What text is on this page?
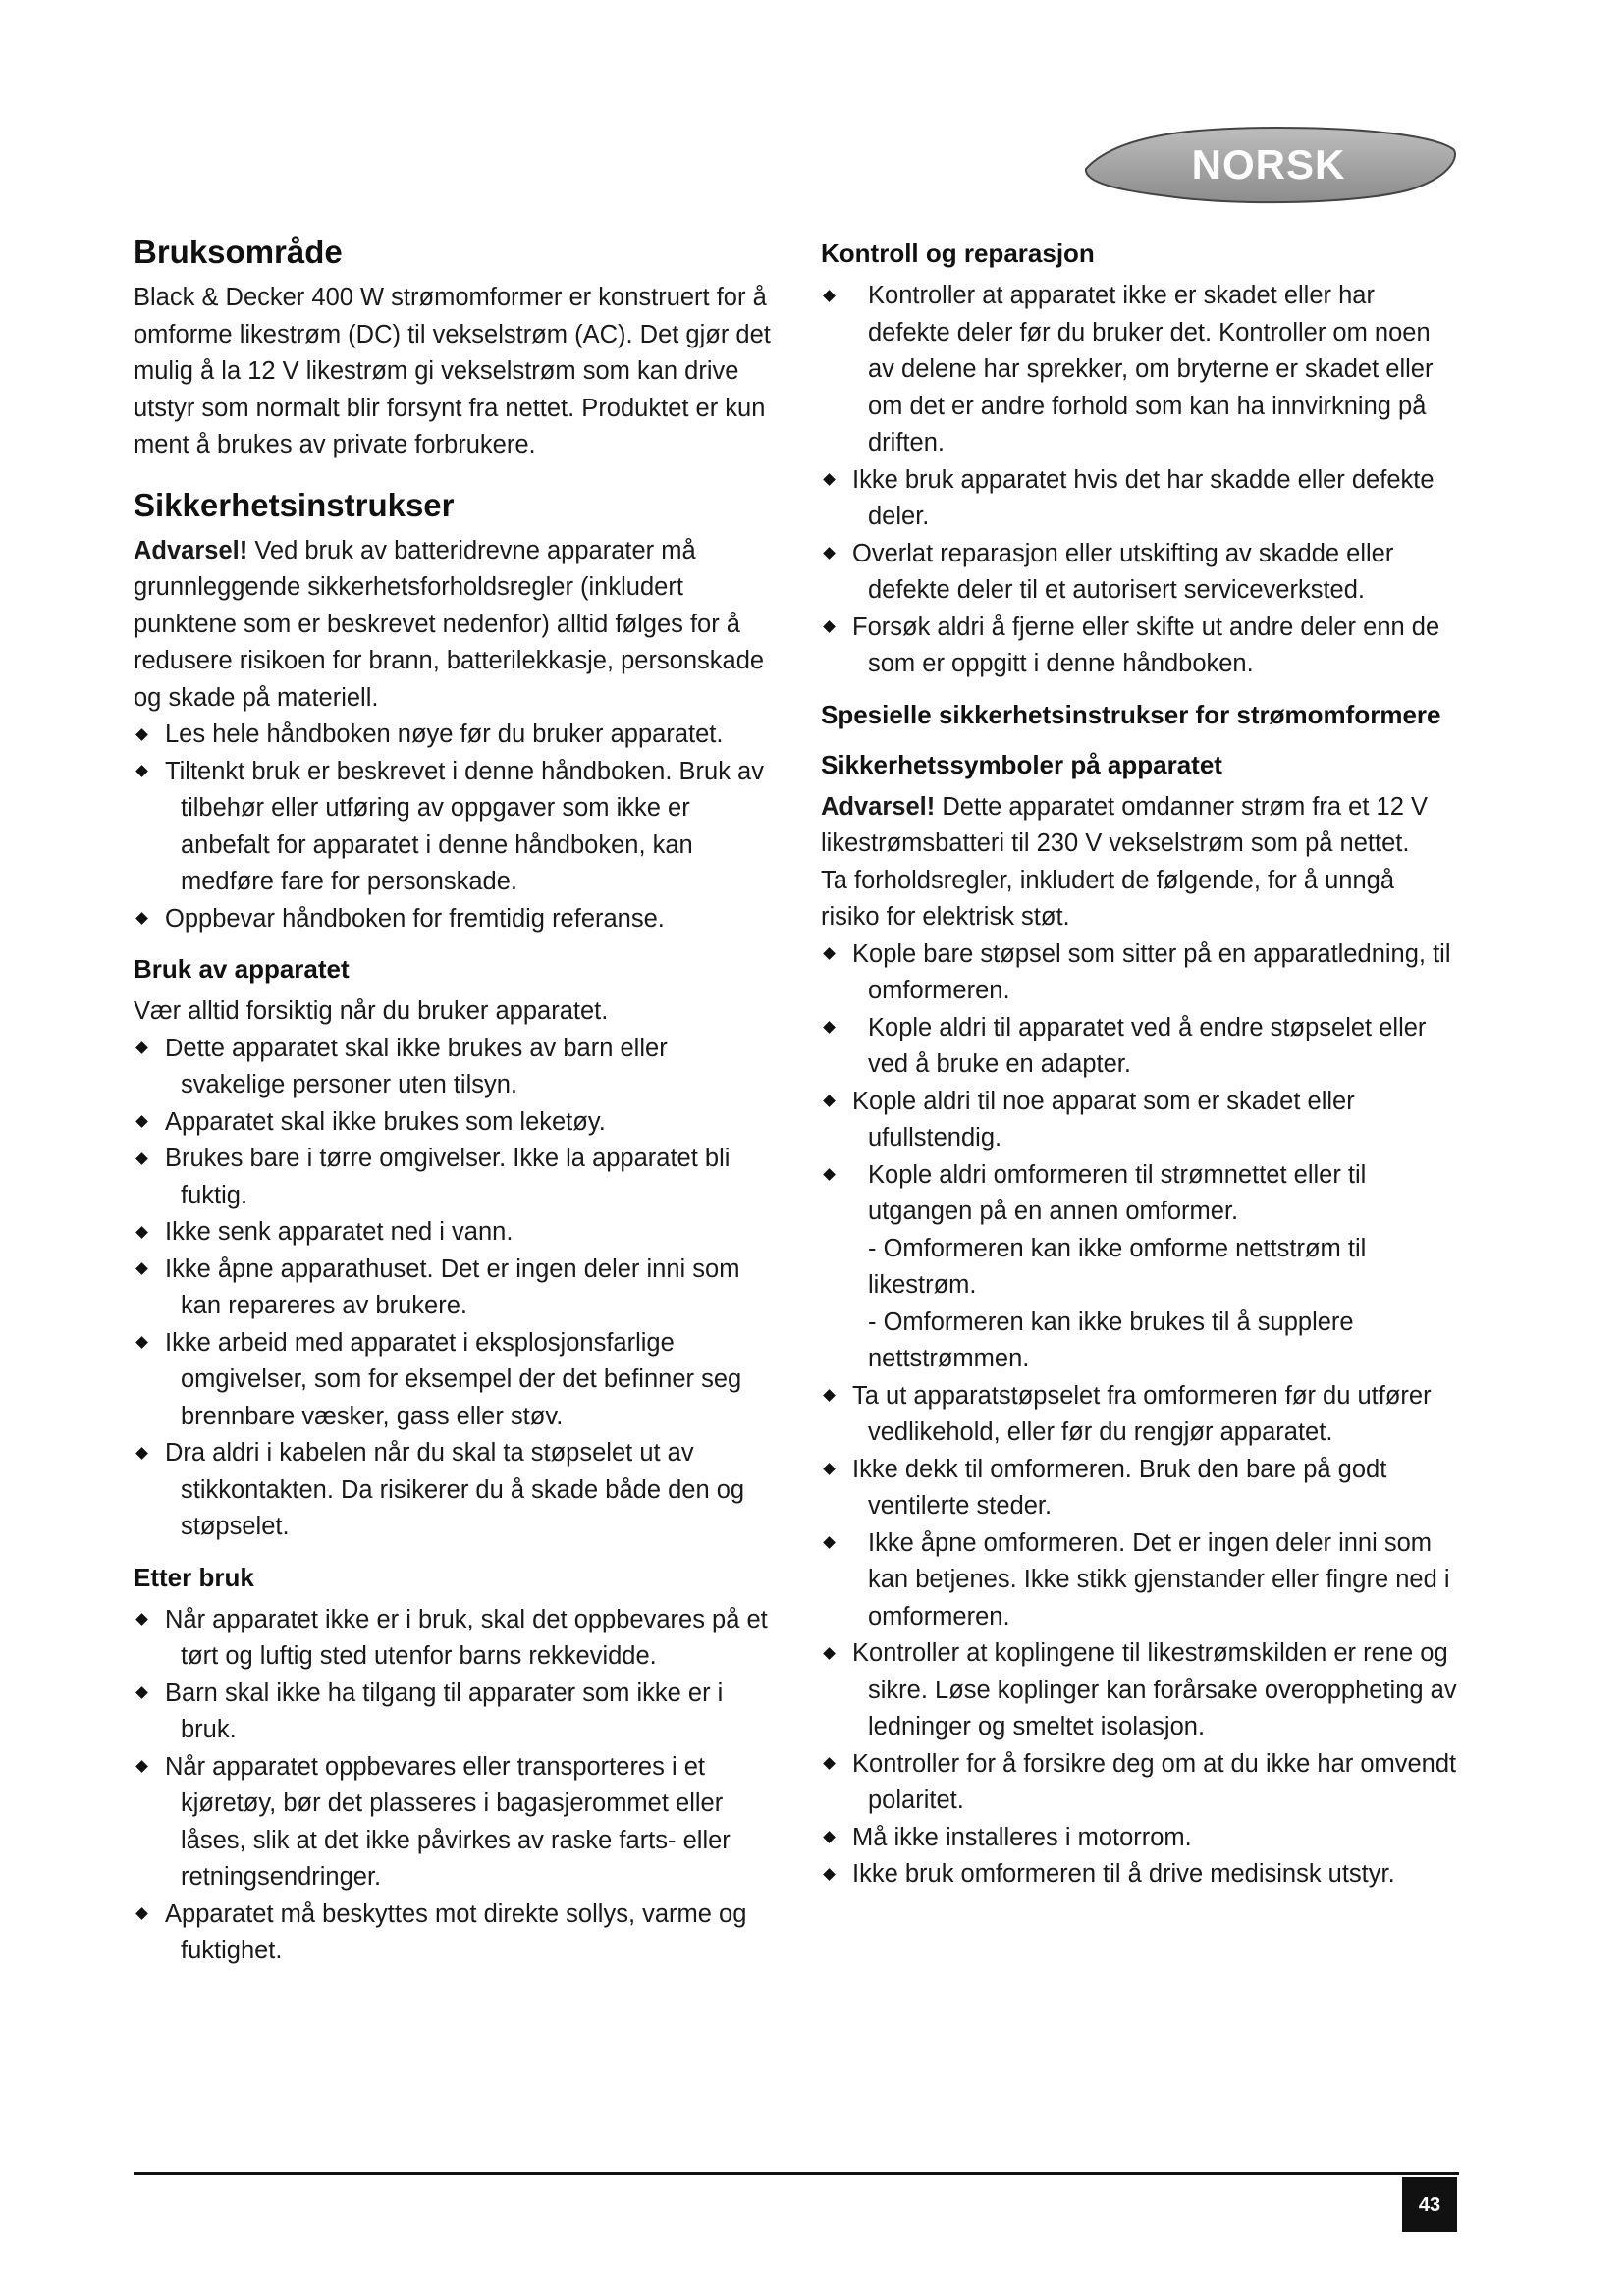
NORSK
Bruksområde

Black & Decker 400 W strømomformer er konstruert for å omforme likestrøm (DC) til vekselstrøm (AC). Det gjør det mulig å la 12 V likestrøm gi vekselstrøm som kan drive utstyr som normalt blir forsynt fra nettet. Produktet er kun ment å brukes av private forbrukere.

Sikkerhetsinstrukser

Advarsel! Ved bruk av batteridrevne apparater må grunnleggende sikkerhetsforholdsregler (inkludert punktene som er beskrevet nedenfor) alltid følges for å redusere risikoen for brann, batterilekkasje, personskade og skade på materiell.

Les hele håndboken nøye før du bruker apparatet.
Tiltenkt bruk er beskrevet i denne håndboken. Bruk av tilbehør eller utføring av oppgaver som ikke er anbefalt for apparatet i denne håndboken, kan medføre fare for personskade.
Oppbevar håndboken for fremtidig referanse.
Bruk av apparatet

Vær alltid forsiktig når du bruker apparatet.

Dette apparatet skal ikke brukes av barn eller svakelige personer uten tilsyn.
Apparatet skal ikke brukes som leketøy.
Brukes bare i tørre omgivelser. Ikke la apparatet bli fuktig.
Ikke senk apparatet ned i vann.
Ikke åpne apparathuset. Det er ingen deler inni som kan repareres av brukere.
Ikke arbeid med apparatet i eksplosjonsfarlige omgivelser, som for eksempel der det befinner seg brennbare væsker, gass eller støv.
Dra aldri i kabelen når du skal ta støpselet ut av stikkontakten. Da risikerer du å skade både den og støpselet.
Etter bruk
Når apparatet ikke er i bruk, skal det oppbevares på et tørt og luftig sted utenfor barns rekkevidde.
Barn skal ikke ha tilgang til apparater som ikke er i bruk.
Når apparatet oppbevares eller transporteres i et kjøretøy, bør det plasseres i bagasjerommet eller låses, slik at det ikke påvirkes av raske farts- eller retningsendringer.
Apparatet må beskyttes mot direkte sollys, varme og fuktighet.
Kontroll og reparasjon
Kontroller at apparatet ikke er skadet eller har defekte deler før du bruker det. Kontroller om noen av delene har sprekker, om bryterne er skadet eller om det er andre forhold som kan ha innvirkning på driften.
Ikke bruk apparatet hvis det har skadde eller defekte deler.
Overlat reparasjon eller utskifting av skadde eller defekte deler til et autorisert serviceverksted.
Forsøk aldri å fjerne eller skifte ut andre deler enn de som er oppgitt i denne håndboken.
Spesielle sikkerhetsinstrukser for strømomformere
Sikkerhetssymboler på apparatet

Advarsel! Dette apparatet omdanner strøm fra et 12 V likestrømsbatteri til 230 V vekselstrøm som på nettet.

Ta forholdsregler, inkludert de følgende, for å unngå risiko for elektrisk støt.

Kople bare støpsel som sitter på en apparatledning, til omformeren.
Kople aldri til apparatet ved å endre støpselet eller ved å bruke en adapter.
Kople aldri til noe apparat som er skadet eller ufullstendig.
Kople aldri omformeren til strømnettet eller til utgangen på en annen omformer.
- Omformeren kan ikke omforme nettstrøm til likestrøm.
- Omformeren kan ikke brukes til å supplere nettstrømmen.
Ta ut apparatstøpselet fra omformeren før du utfører vedlikehold, eller før du rengjør apparatet.
Ikke dekk til omformeren. Bruk den bare på godt ventilerte steder.
Ikke åpne omformeren. Det er ingen deler inni som kan betjenes. Ikke stikk gjenstander eller fingre ned i omformeren.
Kontroller at koplingene til likestrømskilden er rene og sikre. Løse koplinger kan forårsake overoppheting av ledninger og smeltet isolasjon.
Kontroller for å forsikre deg om at du ikke har omvendt polaritet.
Må ikke installeres i motorrom.
Ikke bruk omformeren til å drive medisinsk utstyr.
43
